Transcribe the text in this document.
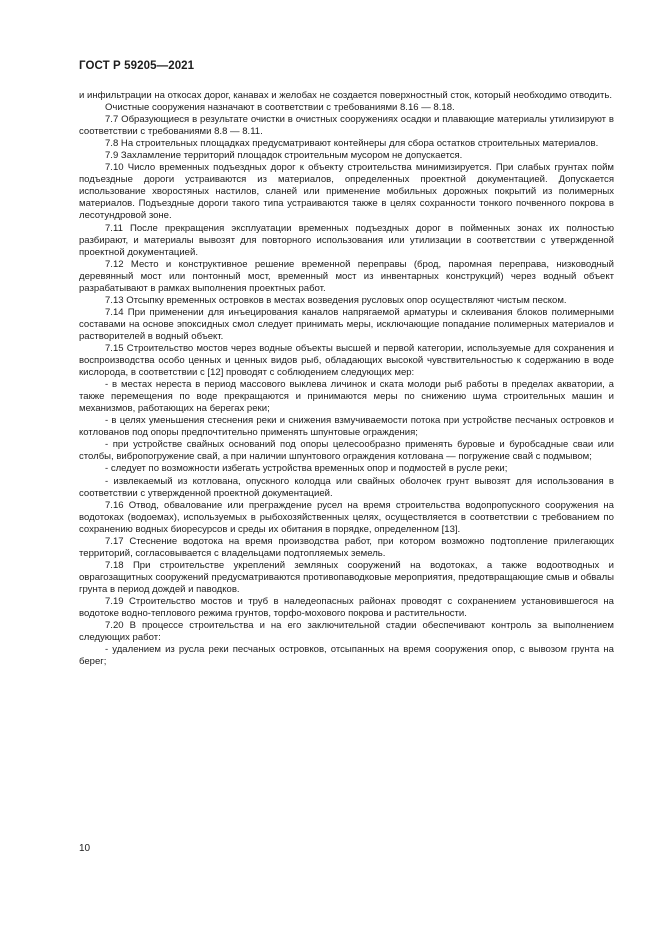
ГОСТ Р 59205—2021

и инфильтрации на откосах дорог, канавах и желобах не создается поверхностный сток, который необходимо отводить.

Очистные сооружения назначают в соответствии с требованиями 8.16 — 8.18.

7.7 Образующиеся в результате очистки в очистных сооружениях осадки и плавающие материалы утилизируют в соответствии с требованиями 8.8 — 8.11.

7.8 На строительных площадках предусматривают контейнеры для сбора остатков строительных материалов.

7.9 Захламление территорий площадок строительным мусором не допускается.

7.10 Число временных подъездных дорог к объекту строительства минимизируется. При слабых грунтах пойм подъездные дороги устраиваются из материалов, определенных проектной документацией. Допускается использование хворостяных настилов, сланей или применение мобильных дорожных покрытий из полимерных материалов. Подъездные дороги такого типа устраиваются также в целях сохранности тонкого почвенного покрова в лесотундровой зоне.

7.11 После прекращения эксплуатации временных подъездных дорог в пойменных зонах их полностью разбирают, и материалы вывозят для повторного использования или утилизации в соответствии с утвержденной проектной документацией.

7.12 Место и конструктивное решение временной переправы (брод, паромная переправа, низководный деревянный мост или понтонный мост, временный мост из инвентарных конструкций) через водный объект разрабатывают в рамках выполнения проектных работ.

7.13 Отсыпку временных островков в местах возведения русловых опор осуществляют чистым песком.

7.14 При применении для инъецирования каналов напрягаемой арматуры и склеивания блоков полимерными составами на основе эпоксидных смол следует принимать меры, исключающие попадание полимерных материалов и растворителей в водный объект.

7.15 Строительство мостов через водные объекты высшей и первой категории, используемые для сохранения и воспроизводства особо ценных и ценных видов рыб, обладающих высокой чувствительностью к содержанию в воде кислорода, в соответствии с [12] проводят с соблюдением следующих мер:

- в местах нереста в период массового выклева личинок и ската молоди рыб работы в пределах акватории, а также перемещения по воде прекращаются и принимаются меры по снижению шума строительных машин и механизмов, работающих на берегах реки;

- в целях уменьшения стеснения реки и снижения взмучиваемости потока при устройстве песчаных островков и котлованов под опоры предпочтительно применять шпунтовые ограждения;

- при устройстве свайных оснований под опоры целесообразно применять буровые и буробсадные сваи или столбы, вибропогружение свай, а при наличии шпунтового ограждения котлована — погружение свай с подмывом;

- следует по возможности избегать устройства временных опор и подмостей в русле реки;

- извлекаемый из котлована, опускного колодца или свайных оболочек грунт вывозят для использования в соответствии с утвержденной проектной документацией.

7.16 Отвод, обвалование или преграждение русел на время строительства водопропускного сооружения на водотоках (водоемах), используемых в рыбохозяйственных целях, осуществляется в соответствии с требованием по сохранению водных биоресурсов и среды их обитания в порядке, определенном [13].

7.17 Стеснение водотока на время производства работ, при котором возможно подтопление прилегающих территорий, согласовывается с владельцами подтопляемых земель.

7.18 При строительстве укреплений земляных сооружений на водотоках, а также водоотводных и оврагозащитных сооружений предусматриваются противопаводковые мероприятия, предотвращающие смыв и обвалы грунта в период дождей и паводков.

7.19 Строительство мостов и труб в наледеопасных районах проводят с сохранением установившегося на водотоке водно-теплового режима грунтов, торфо-мохового покрова и растительности.

7.20 В процессе строительства и на его заключительной стадии обеспечивают контроль за выполнением следующих работ:

- удалением из русла реки песчаных островков, отсыпанных на время сооружения опор, с вывозом грунта на берег;

10
